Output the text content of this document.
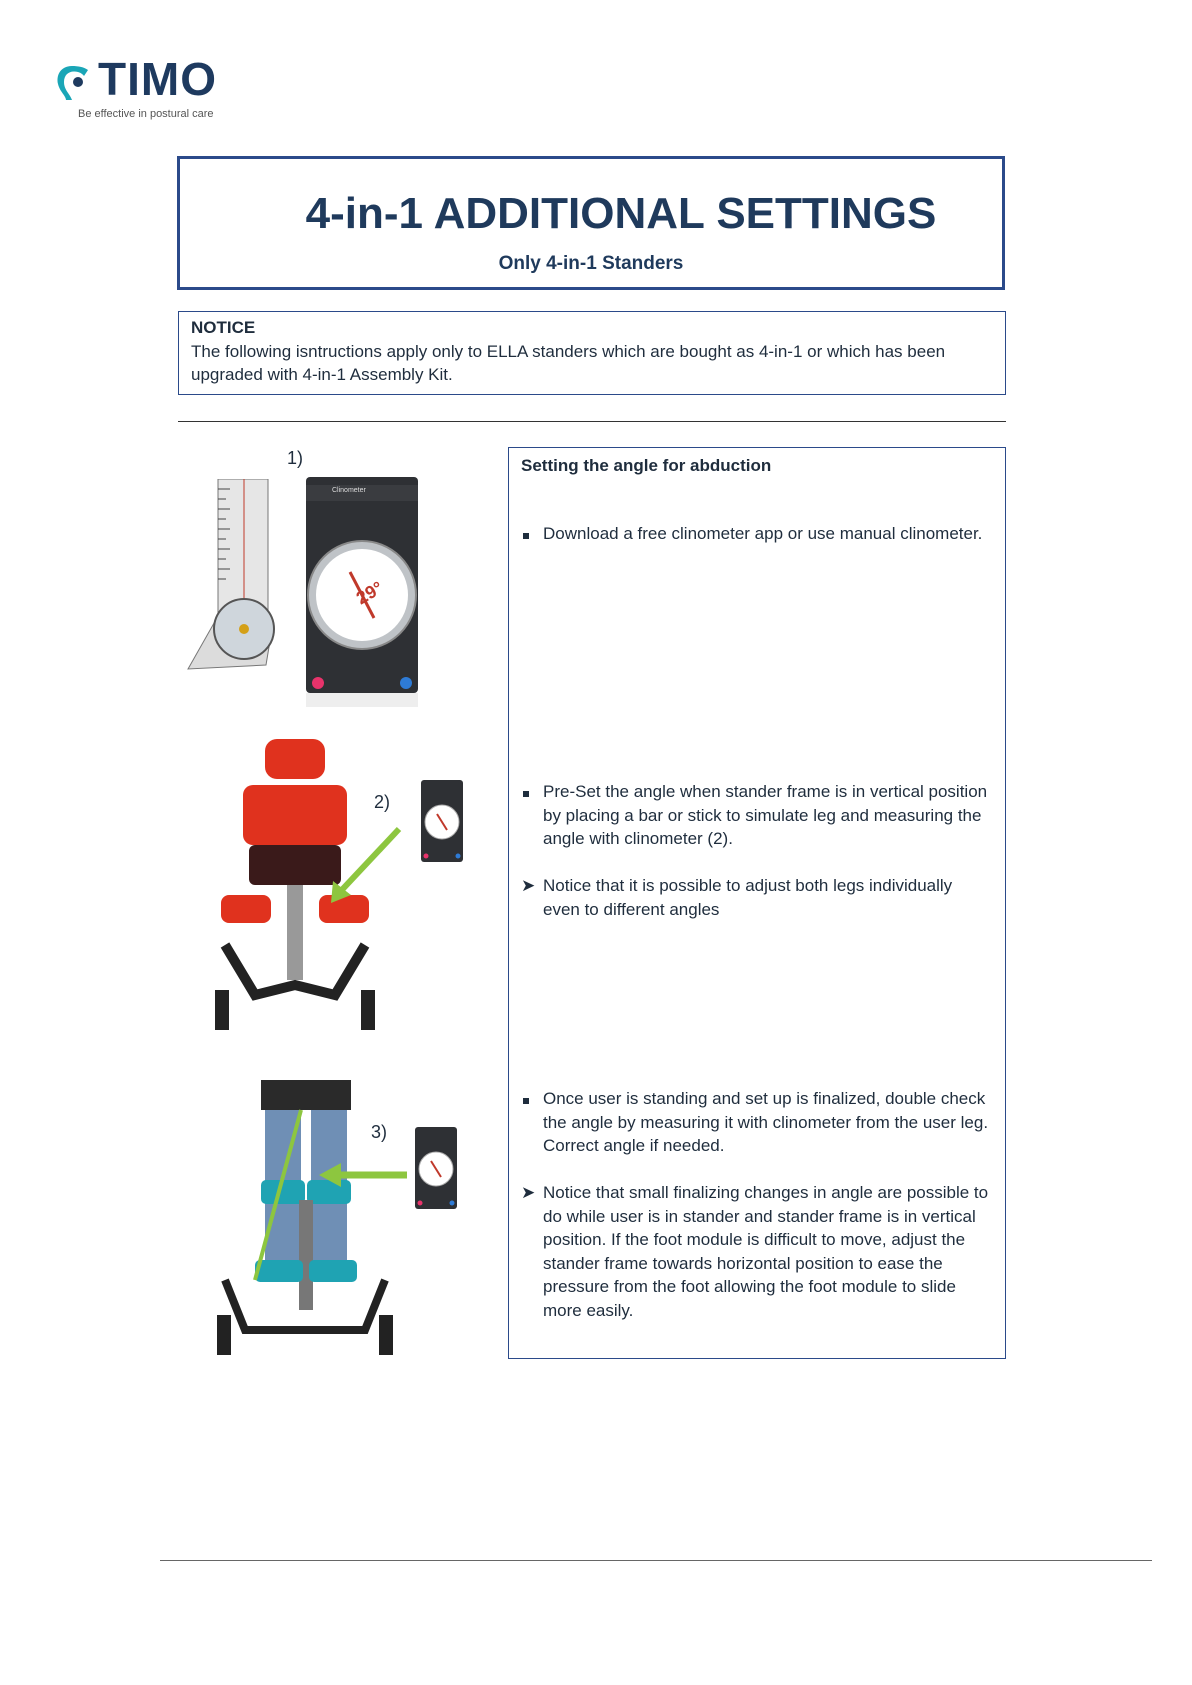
TIMO
Be effective in postural care
4-in-1 ADDITIONAL SETTINGS
Only 4-in-1 Standers
NOTICE
The following isntructions apply only to ELLA standers which are bought as 4-in-1 or which has been upgraded with 4-in-1 Assembly Kit.
1)
29°
Clinometer
2)
3)
Setting the angle for abduction
Download a free clinometer app or use manual clinometer.
Pre-Set the angle when stander frame is in vertical position by placing a bar or stick to simulate leg and measuring the angle with clinometer (2).
➤ Notice that it is possible to adjust both legs individually even to different angles
Once user is standing and set up is finalized, double check the angle by measuring it with clinometer from the user leg. Correct angle if needed.
➤ Notice that small finalizing changes in angle are possible to do while user is in stander and stander frame is in vertical position. If the foot module is difficult to move, adjust the stander frame towards horizontal position to ease the pressure from the foot allowing the foot module to slide more easily.
